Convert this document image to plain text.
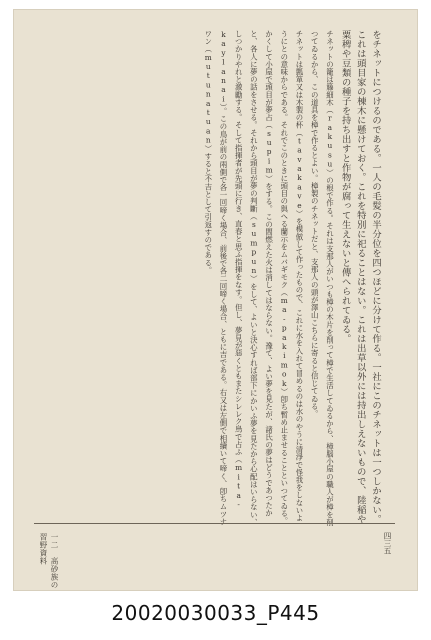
をチネットにつけるのである。一人の毛髪の半分位を四つほどに分けて作る。一社にこのチネットは一つしかない。これは頭目家の棟木に懸けておく。これを特別に祀ることはない。これは出草以外には持出しえないもので、陸稲や粟稗や豆類の種子を持ち出すと作物が腐って生えないと傳へられてゐる。

チネットの籠は籐細木（rakusu）の根で作る。それは支那人がいつも樟の木片を削って樟で生活してゐるから、樟腦小屋の職人が樟を削つてゐるから、この道具を樟で作るとよい。樟製のチネットだと、支那人の頭が澤山こちらに寄ると信じてゐる。

チネットは瓢箪又は木製の杯（tavakave）を模倣して作ったもので、これに水を入れて冒めるのは水のやうに清淨で怪我をしないようにとの意味からである。それでこのときに頭目の與へる蘭示をムバギモク（ma-pakimok）卽ち暫め止ませることといつてゐる。かくして小屋で頭目が夢占（supim）をする。この間燃えた火は消してはならない。豫て、よい夢を見たが、諸氏の夢はどうであつたかと、各人に夢の話をさせる。それから頭目が夢の判斷（sumpun）をして、よいと決心すれば部下にかいふ夢を見たから心配はいらない、しつかりやれと激勵する。そして指揮者が先頭に行き、直春と思ふ指揮をなす。但し、夢見が惡くともまたシレレク鳥で占ふ（mita-kaylanai）。この鳥が前の兩側で各一回啼く場合、前後で各二回啼く場合、ともに吉である。右又は左側で相續いて啼く、卽ちムツナワン（mutunatuan）すると不吉として引返すのである。

四三五
一二　高砂族の習野資料
20020030033_P445
